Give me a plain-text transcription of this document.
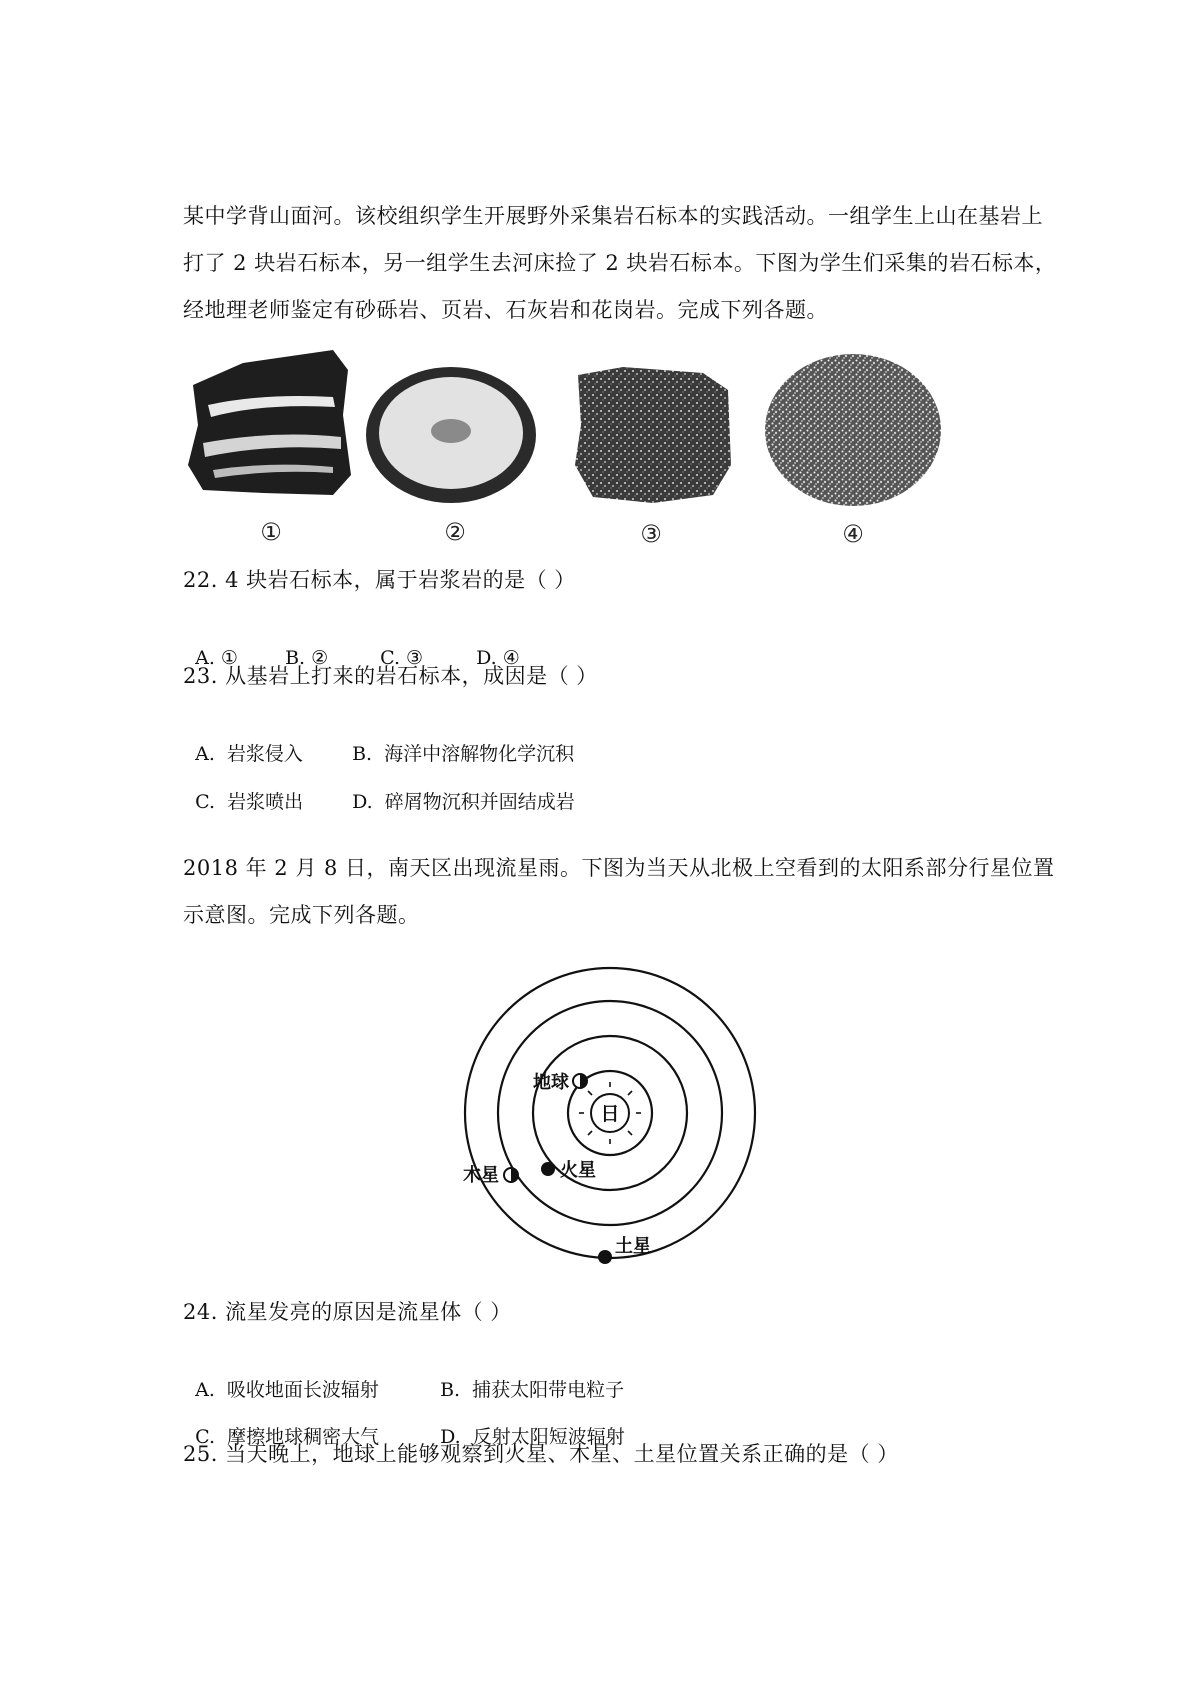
某中学背山面河。该校组织学生开展野外采集岩石标本的实践活动。一组学生上山在基岩上
打了 2 块岩石标本，另一组学生去河床捡了 2 块岩石标本。下图为学生们采集的岩石标本，
经地理老师鉴定有砂砾岩、页岩、石灰岩和花岗岩。完成下列各题。
①	②	③	④
22. 4 块岩石标本，属于岩浆岩的是（ ）

A. ① B. ②	C. ③	D. ④

23. 从基岩上打来的岩石标本，成因是（ ）

A.  岩浆侵入	B.  海洋中溶解物化学沉积

C.  岩浆喷出	D.  碎屑物沉积并固结成岩

2018 年 2 月 8 日，南天区出现流星雨。下图为当天从北极上空看到的太阳系部分行星位置
示意图。完成下列各题。
日
地球
火星
木星
土星
24. 流星发亮的原因是流星体（ ）

A.  吸收地面长波辐射	B.  捕获太阳带电粒子

C.  摩擦地球稠密大气	D.  反射太阳短波辐射

25. 当天晚上，地球上能够观察到火星、木星、土星位置关系正确的是（ ）
